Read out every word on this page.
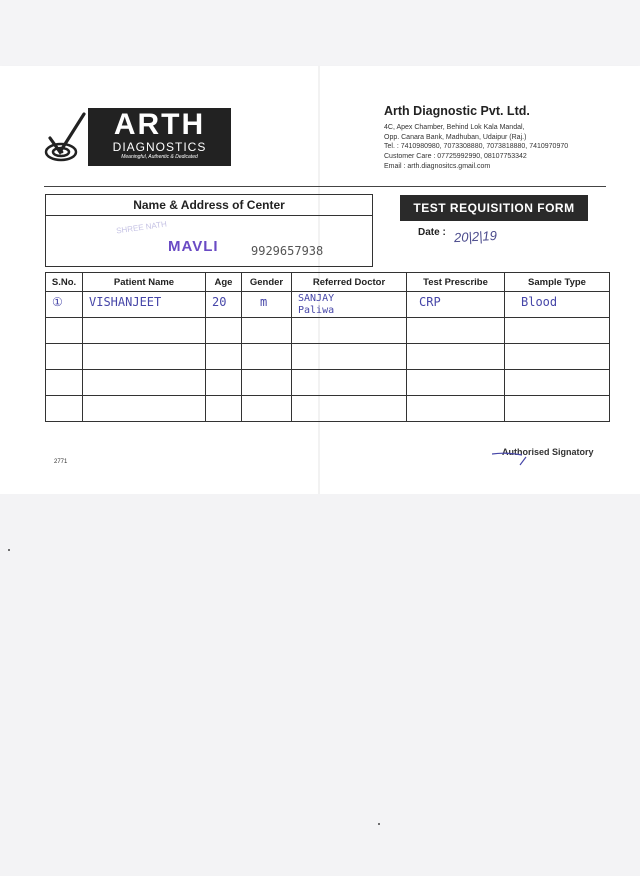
ARTH
DIAGNOSTICS
Meaningful, Authentic & Dedicated
Arth Diagnostic Pvt. Ltd.
4C, Apex Chamber, Behind Lok Kala Mandal, Opp. Canara Bank, Madhuban, Udaipur (Raj.)
Tel. : 7410980980, 7073308880, 7073818880, 7410970970
Customer Care : 07725992990, 08107753342
Email : arth.diagnositcs.gmail.com
Name & Address of Center
SHREE NATH
MAVLI	9929657938
TEST REQUISITION FORM
Date : 20|2|19
S.No.	Patient Name	Age	Gender	Referred Doctor	Test Prescribe	Sample Type

①	VISHANJEET	20	m	SANJAY Paliwa	CRP	Blood

2771
Authorised Signatory
